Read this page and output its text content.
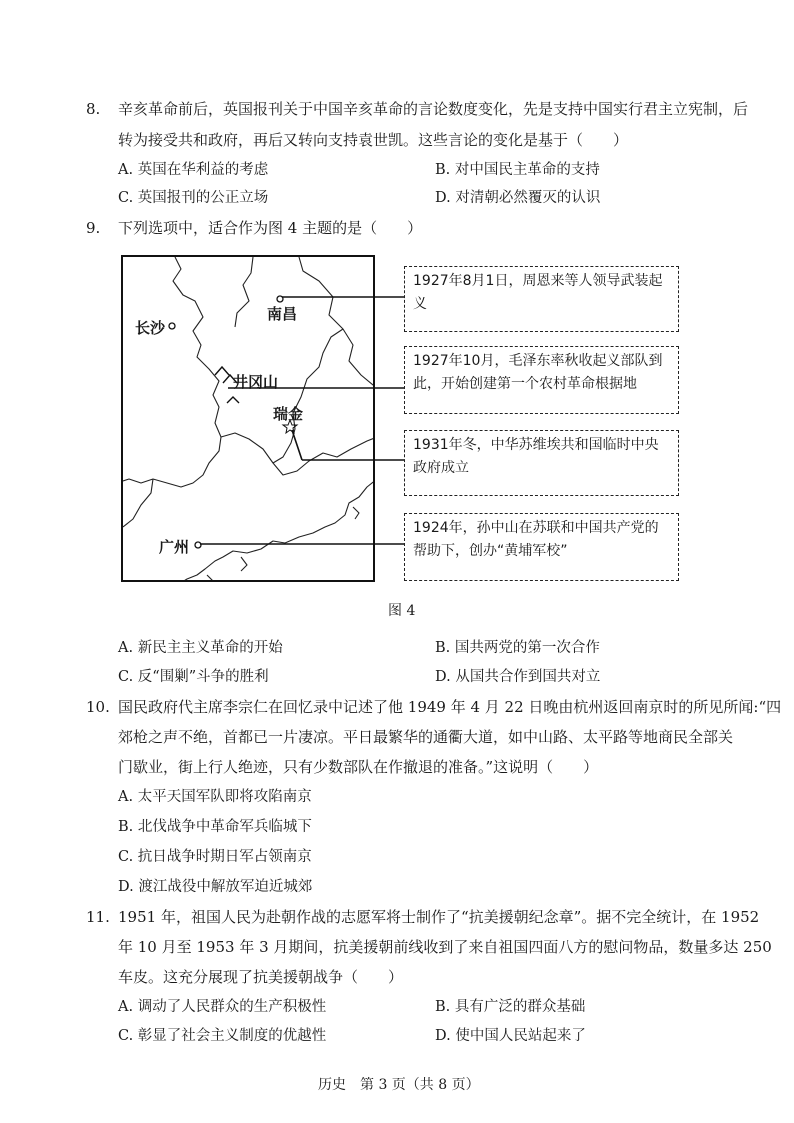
8. 辛亥革命前后，英国报刊关于中国辛亥革命的言论数度变化，先是支持中国实行君主立宪制，后
转为接受共和政府，再后又转向支持袁世凯。这些言论的变化是基于（　　）
A. 英国在华利益的考虑	B. 对中国民主革命的支持
C. 英国报刊的公正立场	D. 对清朝必然覆灭的认识
9. 下列选项中，适合作为图 4 主题的是（　　）
南昌
长沙
井冈山
瑞金
广州
1927年8月1日，周恩来等人领导武装起义
1927年10月，毛泽东率秋收起义部队到此，开始创建第一个农村革命根据地
1931年冬，中华苏维埃共和国临时中央政府成立
1924年，孙中山在苏联和中国共产党的帮助下，创办“黄埔军校”
图 4
A. 新民主主义革命的开始	B. 国共两党的第一次合作
C. 反“围剿”斗争的胜利	D. 从国共合作到国共对立
10. 国民政府代主席李宗仁在回忆录中记述了他 1949 年 4 月 22 日晚由杭州返回南京时的所见所闻:“四
郊枪之声不绝，首都已一片凄凉。平日最繁华的通衢大道，如中山路、太平路等地商民全部关
门歇业，街上行人绝迹，只有少数部队在作撤退的准备。”这说明（　　）
A. 太平天国军队即将攻陷南京
B. 北伐战争中革命军兵临城下
C. 抗日战争时期日军占领南京
D. 渡江战役中解放军迫近城郊
11. 1951 年，祖国人民为赴朝作战的志愿军将士制作了“抗美援朝纪念章”。据不完全统计，在 1952
年 10 月至 1953 年 3 月期间，抗美援朝前线收到了来自祖国四面八方的慰问物品，数量多达 250
车皮。这充分展现了抗美援朝战争（　　）
A. 调动了人民群众的生产积极性	B. 具有广泛的群众基础
C. 彰显了社会主义制度的优越性	D. 使中国人民站起来了
历史　第 3 页（共 8 页）
